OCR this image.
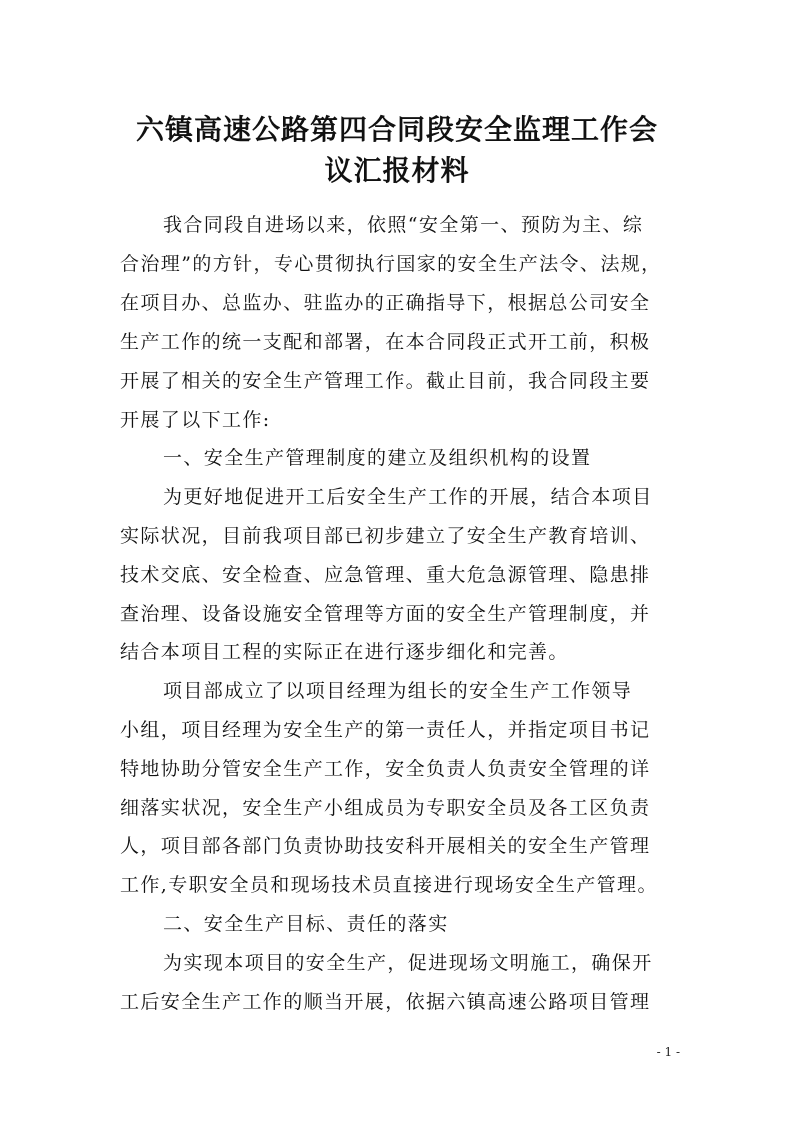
六镇高速公路第四合同段安全监理工作会
议汇报材料
我合同段自进场以来，依照“安全第一、预防为主、综
合治理”的方针，专心贯彻执行国家的安全生产法令、法规，
在项目办、总监办、驻监办的正确指导下，根据总公司安全
生产工作的统一支配和部署，在本合同段正式开工前，积极
开展了相关的安全生产管理工作。截止目前，我合同段主要
开展了以下工作:
一、安全生产管理制度的建立及组织机构的设置
为更好地促进开工后安全生产工作的开展，结合本项目
实际状况，目前我项目部已初步建立了安全生产教育培训、
技术交底、安全检查、应急管理、重大危急源管理、隐患排
查治理、设备设施安全管理等方面的安全生产管理制度，并
结合本项目工程的实际正在进行逐步细化和完善。
项目部成立了以项目经理为组长的安全生产工作领导
小组，项目经理为安全生产的第一责任人，并指定项目书记
特地协助分管安全生产工作，安全负责人负责安全管理的详
细落实状况，安全生产小组成员为专职安全员及各工区负责
人，项目部各部门负责协助技安科开展相关的安全生产管理
工作,专职安全员和现场技术员直接进行现场安全生产管理。
二、安全生产目标、责任的落实
为实现本项目的安全生产，促进现场文明施工，确保开
工后安全生产工作的顺当开展，依据六镇高速公路项目管理
- 1 -
